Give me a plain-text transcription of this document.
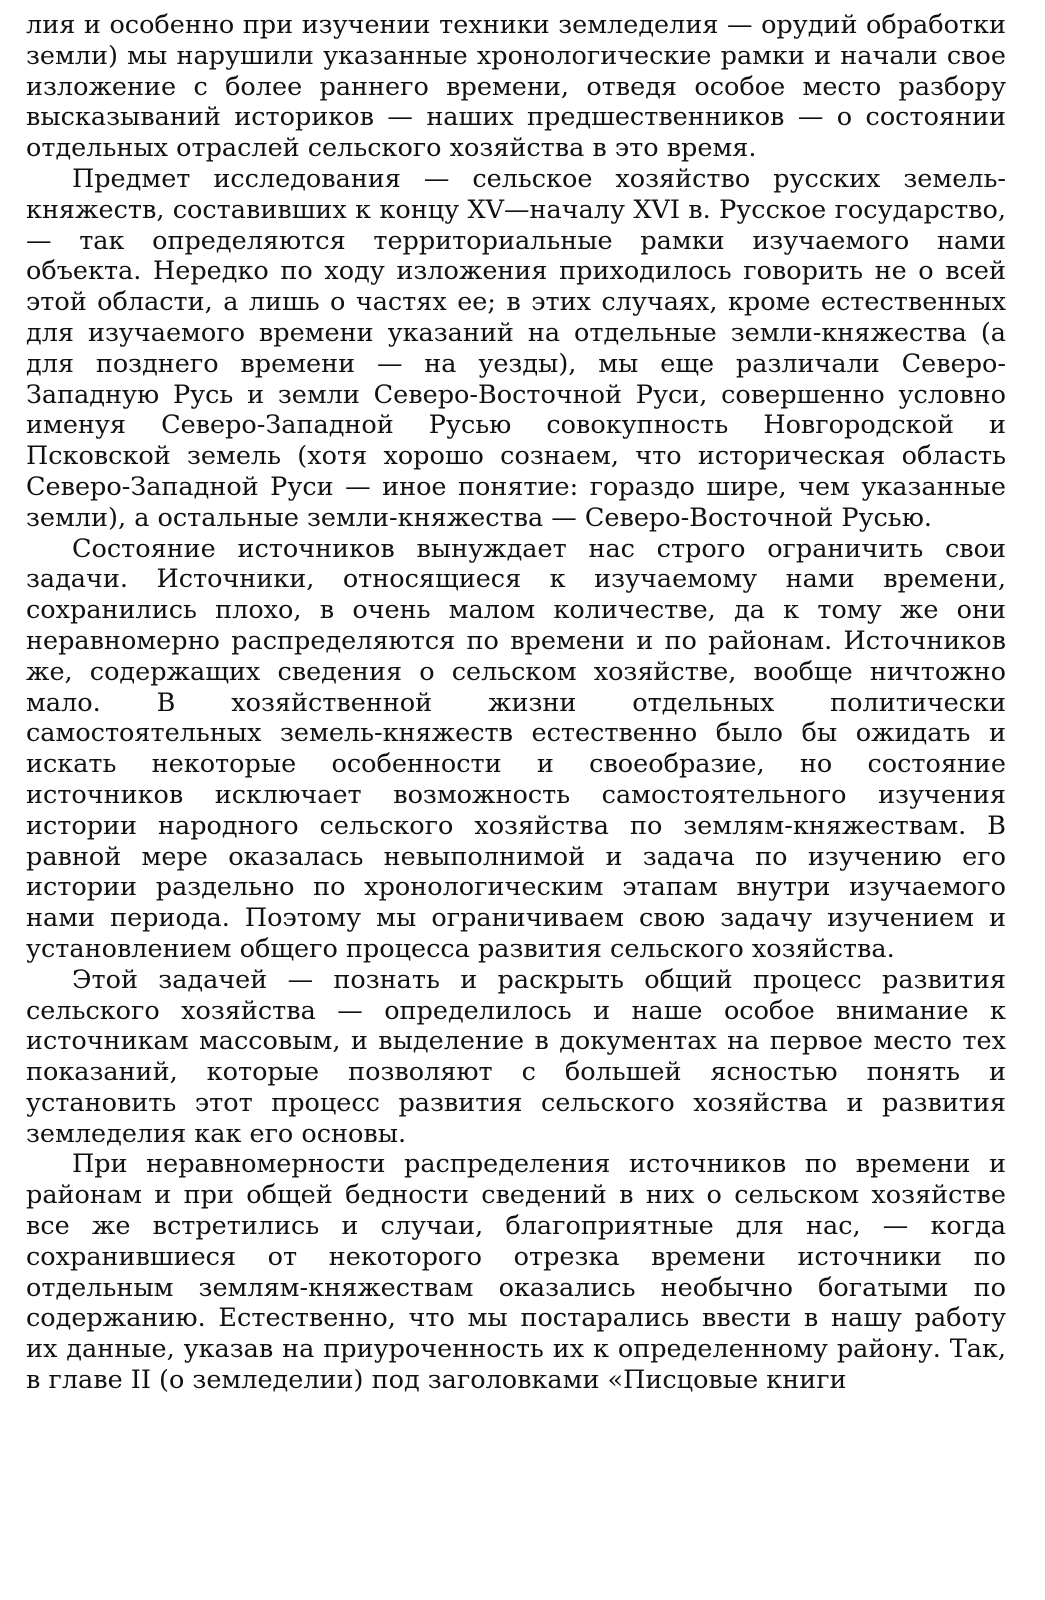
лия и особенно при изучении техники земледелия — орудий обработки земли) мы нарушили указанные хронологические рамки и начали свое изложение с более раннего времени, отведя особое место разбору высказываний историков — наших предшественников — о состоянии отдельных отраслей сельского хозяйства в это время.

Предмет исследования — сельское хозяйство русских земель-княжеств, составивших к концу XV—началу XVI в. Русское государство, — так определяются территориальные рамки изучаемого нами объекта. Нередко по ходу изложения приходилось говорить не о всей этой области, а лишь о частях ее; в этих случаях, кроме естественных для изучаемого времени указаний на отдельные земли-княжества (а для позднего времени — на уезды), мы еще различали Северо-Западную Русь и земли Северо-Восточной Руси, совершенно условно именуя Северо-Западной Русью совокупность Новгородской и Псковской земель (хотя хорошо сознаем, что историческая область Северо-Западной Руси — иное понятие: гораздо шире, чем указанные земли), а остальные земли-княжества — Северо-Восточной Русью.

Состояние источников вынуждает нас строго ограничить свои задачи. Источники, относящиеся к изучаемому нами времени, сохранились плохо, в очень малом количестве, да к тому же они неравномерно распределяются по времени и по районам. Источников же, содержащих сведения о сельском хозяйстве, вообще ничтожно мало. В хозяйственной жизни отдельных политически самостоятельных земель-княжеств естественно было бы ожидать и искать некоторые особенности и своеобразие, но состояние источников исключает возможность самостоятельного изучения истории народного сельского хозяйства по землям-княжествам. В равной мере оказалась невыполнимой и задача по изучению его истории раздельно по хронологическим этапам внутри изучаемого нами периода. Поэтому мы ограничиваем свою задачу изучением и установлением общего процесса развития сельского хозяйства.

Этой задачей — познать и раскрыть общий процесс развития сельского хозяйства — определилось и наше особое внимание к источникам массовым, и выделение в документах на первое место тех показаний, которые позволяют с большей ясностью понять и установить этот процесс развития сельского хозяйства и развития земледелия как его основы.

При неравномерности распределения источников по времени и районам и при общей бедности сведений в них о сельском хозяйстве все же встретились и случаи, благоприятные для нас, — когда сохранившиеся от некоторого отрезка времени источники по отдельным землям-княжествам оказались необычно богатыми по содержанию. Естественно, что мы постарались ввести в нашу работу их данные, указав на приуроченность их к определенному району. Так, в главе II (о земледелии) под заголовками «Писцовые книги
